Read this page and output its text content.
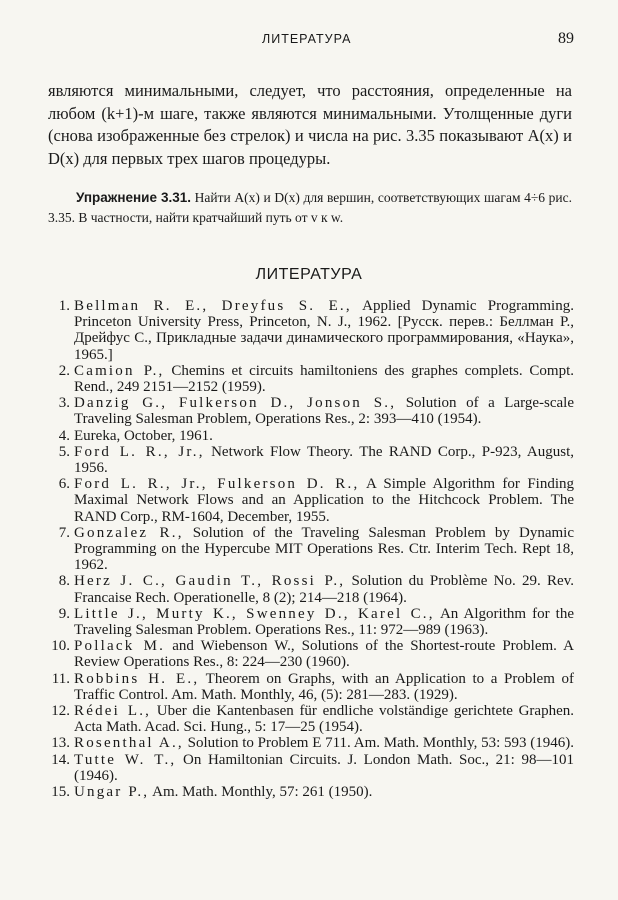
ЛИТЕРАТУРА	89

являются минимальными, следует, что расстояния, определенные на любом (k+1)-м шаге, также являются минимальными. Утолщенные дуги (снова изображенные без стрелок) и числа на рис. 3.35 показывают A(x) и D(x) для первых трех шагов процедуры.

Упражнение 3.31. Найти A(x) и D(x) для вершин, соответствующих шагам 4÷6 рис. 3.35. В частности, найти кратчайший путь от v к w.
ЛИТЕРАТУРА
1. Bellman R. E., Dreyfus S. E., Applied Dynamic Programming. Princeton University Press, Princeton, N. J., 1962. [Русск. перев.: Беллман Р., Дрейфус С., Прикладные задачи динамического программирования, «Наука», 1965.]
2. Camion P., Chemins et circuits hamiltoniens des graphes complets. Compt. Rend., 249 2151—2152 (1959).
3. Danzig G., Fulkerson D., Jonson S., Solution of a Large-scale Traveling Salesman Problem, Operations Res., 2: 393—410 (1954).
4. Eureka, October, 1961.
5. Ford L. R., Jr., Network Flow Theory. The RAND Corp., P-923, August, 1956.
6. Ford L. R., Jr., Fulkerson D. R., A Simple Algorithm for Finding Maximal Network Flows and an Application to the Hitchcock Problem. The RAND Corp., RM-1604, December, 1955.
7. Gonzalez R., Solution of the Traveling Salesman Problem by Dynamic Programming on the Hypercube MIT Operations Res. Ctr. Interim Tech. Rept 18, 1962.
8. Herz J. C., Gaudin T., Rossi P., Solution du Problème No. 29. Rev. Francaise Rech. Operationelle, 8 (2); 214—218 (1964).
9. Little J., Murty K., Swenney D., Karel C., An Algorithm for the Traveling Salesman Problem. Operations Res., 11: 972—989 (1963).
10. Pollack M. and Wiebenson W., Solutions of the Shortest-route Problem. A Review Operations Res., 8: 224—230 (1960).
11. Robbins H. E., Theorem on Graphs, with an Application to a Problem of Traffic Control. Am. Math. Monthly, 46, (5): 281—283. (1929).
12. Rédei L., Uber die Kantenbasen für endliche volständige gerichtete Graphen. Acta Math. Acad. Sci. Hung., 5: 17—25 (1954).
13. Rosenthal A., Solution to Problem E 711. Am. Math. Monthly, 53: 593 (1946).
14. Tutte W. T., On Hamiltonian Circuits. J. London Math. Soc., 21: 98—101 (1946).
15. Ungar P., Am. Math. Monthly, 57: 261 (1950).
